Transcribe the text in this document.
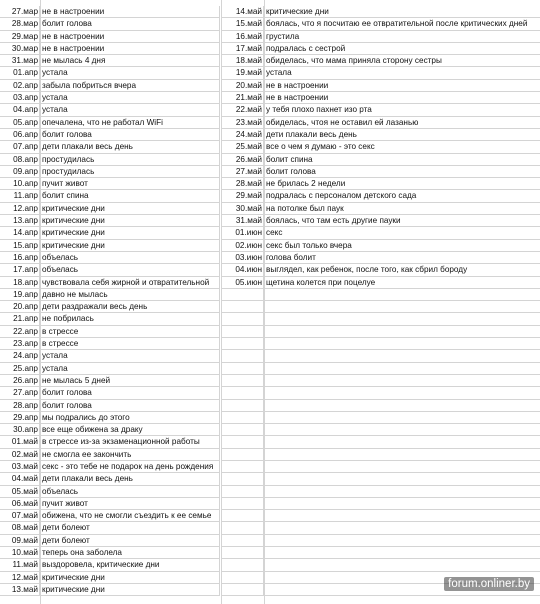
27.мар не в настроении
28.мар болит голова
29.мар не в настроении
30.мар не в настроении
31.мар не мылась 4 дня
01.апр устала
02.апр забыла побриться вчера
03.апр устала
04.апр устала
05.апр опечалена, что не работал WiFi
06.апр болит голова
07.апр дети плакали весь день
08.апр простудилась
09.апр простудилась
10.апр пучит живот
11.апр болит спина
12.апр критические дни
13.апр критические дни
14.апр критические дни
15.апр критические дни
16.апр объелась
17.апр объелась
18.апр чувствовала себя жирной и отвратительной
19.апр давно не мылась
20.апр дети раздражали весь день
21.апр не побрилась
22.апр в стрессе
23.апр в стрессе
24.апр устала
25.апр устала
26.апр не мылась 5 дней
27.апр болит голова
28.апр болит голова
29.апр мы подрались до этого
30.апр все еще обижена за драку
01.май в стрессе из-за экзаменационной работы
02.май не смогла ее закончить
03.май секс - это тебе не подарок на день рождения
04.май дети плакали весь день
05.май объелась
06.май пучит живот
07.май обижена, что не смогли съездить к ее семье
08.май дети болеют
09.май дети болеют
10.май теперь она заболела
11.май выздоровела, критические дни
12.май критические дни
13.май критические дни
14.май критические дни
15.май боялась, что я посчитаю ее отвратительной после критических дней
16.май грустила
17.май подралась с сестрой
18.май обиделась, что мама приняла сторону сестры
19.май устала
20.май не в настроении
21.май не в настроении
22.май у тебя плохо пахнет изо рта
23.май обиделась, чтоя не оставил ей лазанью
24.май дети плакали весь день
25.май все о чем я думаю - это секс
26.май болит спина
27.май болит голова
28.май не брилась 2 недели
29.май подралась с персоналом детского сада
30.май на потолке был паук
31.май боялась, что там есть другие пауки
01.июн секс
02.июн секс был только вчера
03.июн голова болит
04.июн выглядел, как ребенок, после того, как сбрил бороду
05.июн щетина колется при поцелуе
forum.onliner.by
